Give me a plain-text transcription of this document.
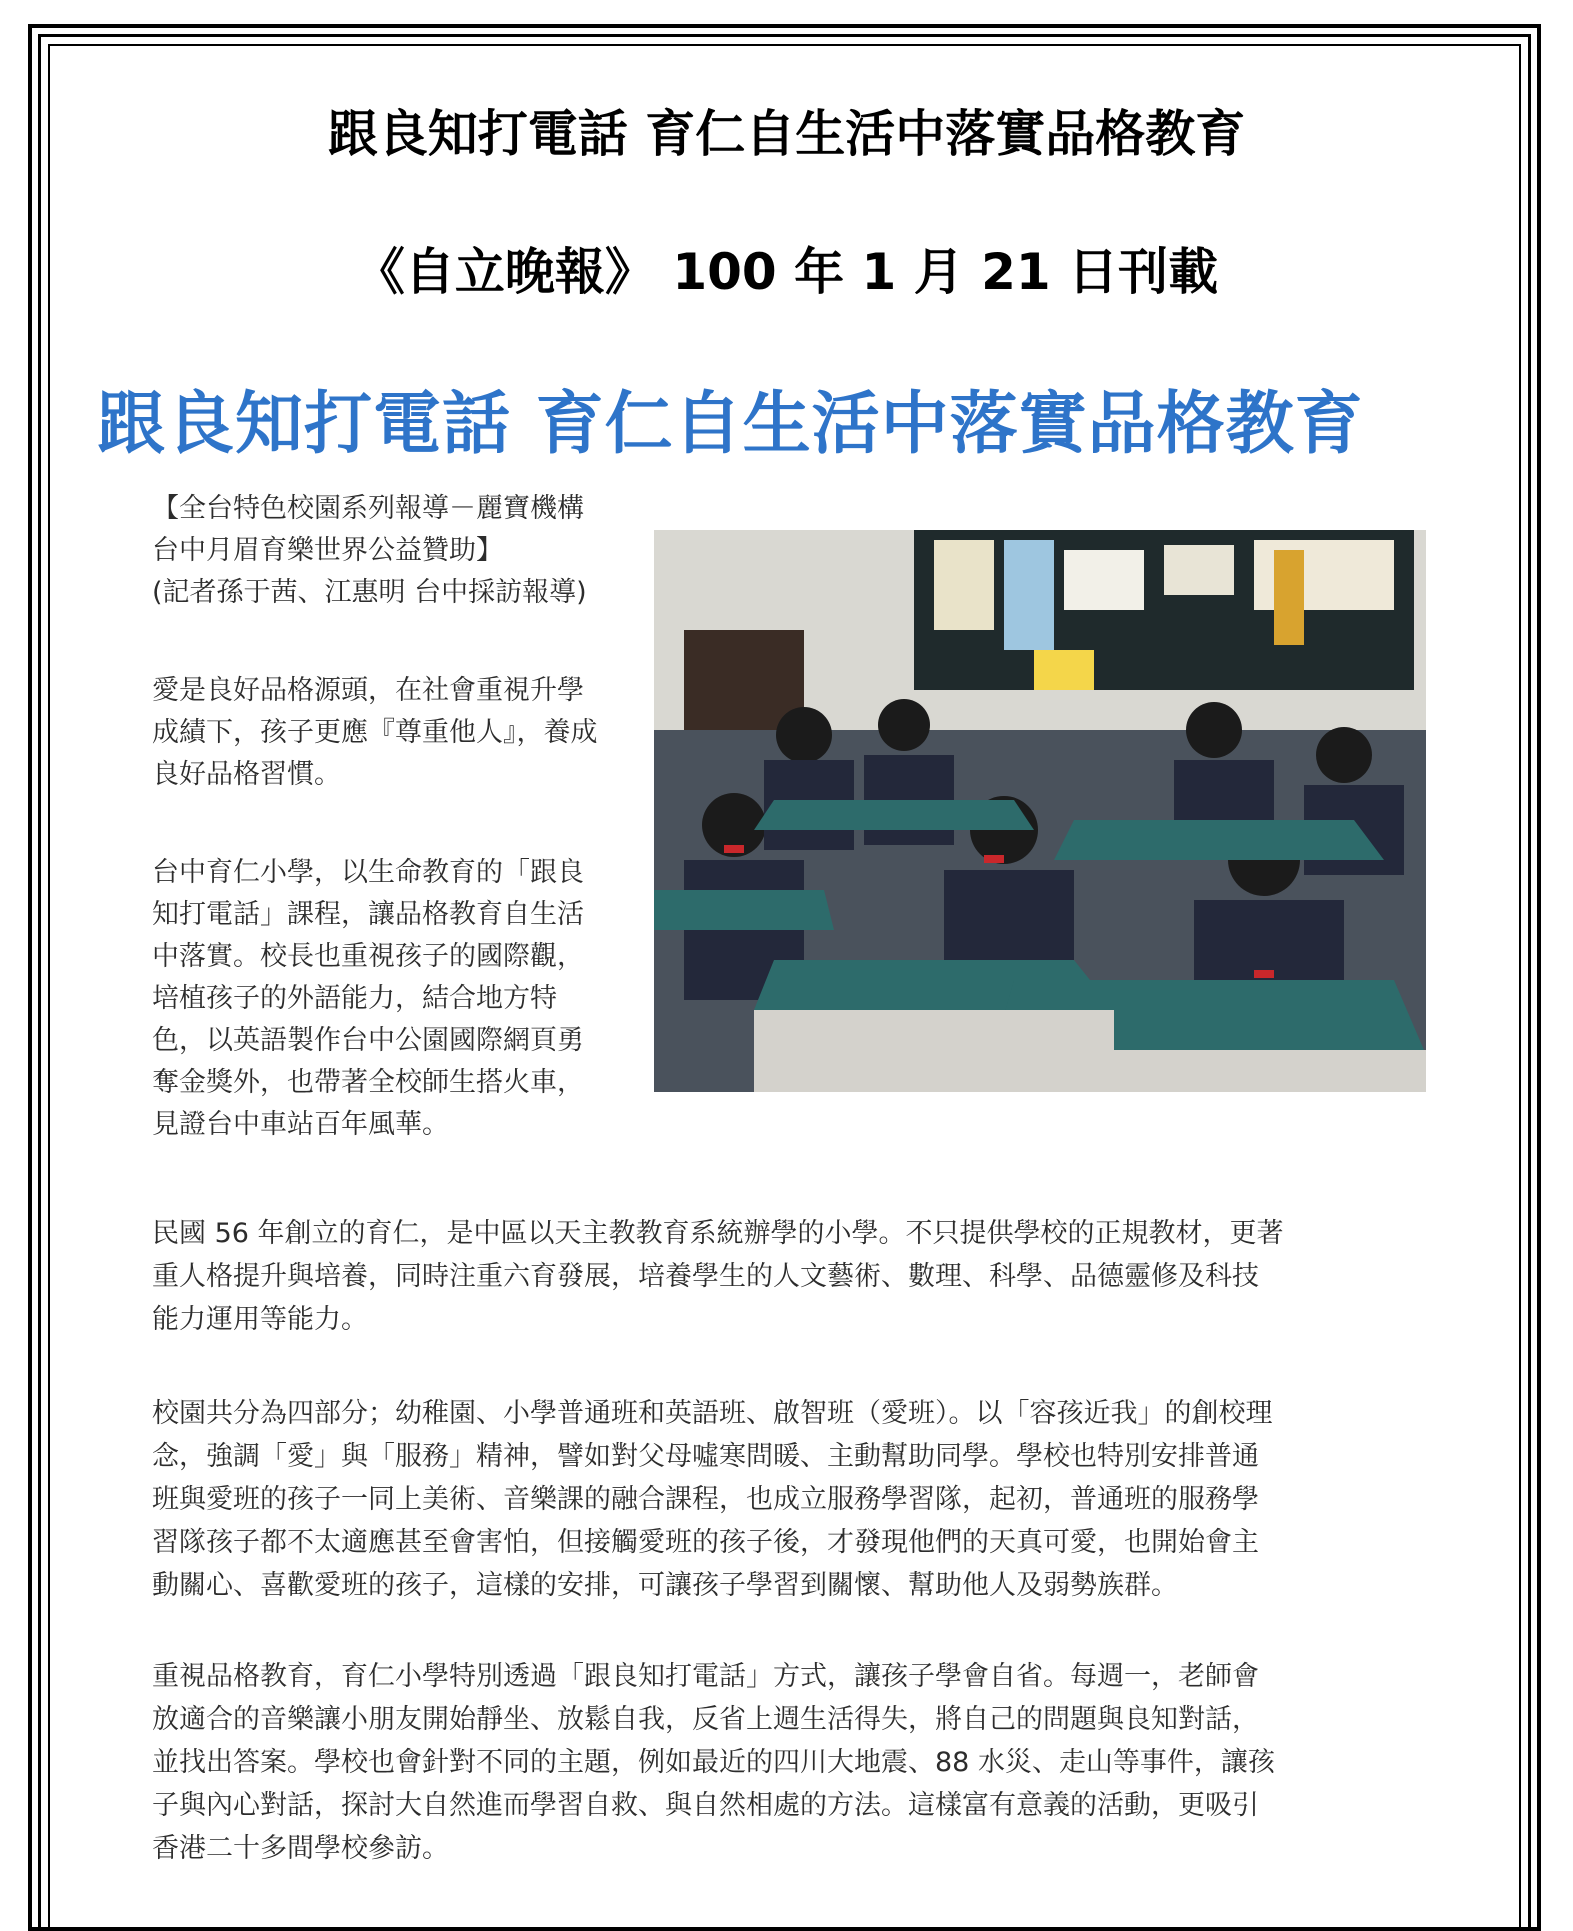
跟良知打電話 育仁自生活中落實品格教育
《自立晚報》 100 年 1 月 21 日刊載
跟良知打電話 育仁自生活中落實品格教育
【全台特色校園系列報導－麗寶機構
台中月眉育樂世界公益贊助】
(記者孫于茜、江惠明 台中採訪報導)
愛是良好品格源頭，在社會重視升學
成績下，孩子更應『尊重他人』，養成
良好品格習慣。
台中育仁小學，以生命教育的「跟良
知打電話」課程，讓品格教育自生活
中落實。校長也重視孩子的國際觀，
培植孩子的外語能力，結合地方特
色，以英語製作台中公園國際網頁勇
奪金獎外，也帶著全校師生搭火車，
見證台中車站百年風華。
民國 56 年創立的育仁，是中區以天主教教育系統辦學的小學。不只提供學校的正規教材，更著
重人格提升與培養，同時注重六育發展，培養學生的人文藝術、數理、科學、品德靈修及科技
能力運用等能力。
校園共分為四部分；幼稚園、小學普通班和英語班、啟智班（愛班）。以「容孩近我」的創校理
念，強調「愛」與「服務」精神，譬如對父母噓寒問暖、主動幫助同學。學校也特別安排普通
班與愛班的孩子一同上美術、音樂課的融合課程，也成立服務學習隊，起初，普通班的服務學
習隊孩子都不太適應甚至會害怕，但接觸愛班的孩子後，才發現他們的天真可愛，也開始會主
動關心、喜歡愛班的孩子，這樣的安排，可讓孩子學習到關懷、幫助他人及弱勢族群。
重視品格教育，育仁小學特別透過「跟良知打電話」方式，讓孩子學會自省。每週一，老師會
放適合的音樂讓小朋友開始靜坐、放鬆自我，反省上週生活得失，將自己的問題與良知對話，
並找出答案。學校也會針對不同的主題，例如最近的四川大地震、88 水災、走山等事件，讓孩
子與內心對話，探討大自然進而學習自救、與自然相處的方法。這樣富有意義的活動，更吸引
香港二十多間學校參訪。
